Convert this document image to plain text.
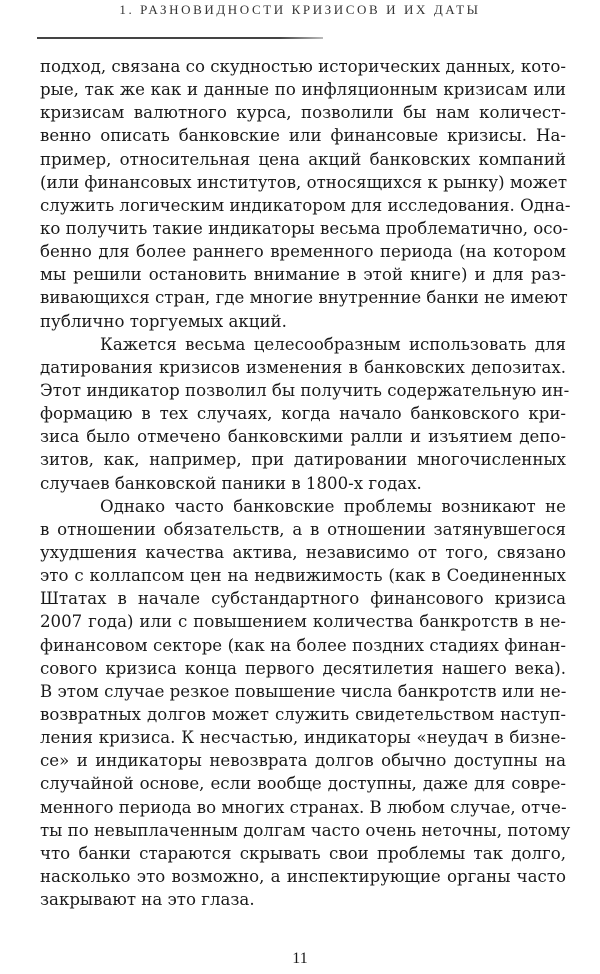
1. РАЗНОВИДНОСТИ КРИЗИСОВ И ИХ ДАТЫ
подход, связана со скудностью исторических данных, кото-
рые, так же как и данные по инфляционным кризисам или
кризисам валютного курса, позволили бы нам количест-
венно описать банковские или финансовые кризисы. На-
пример, относительная цена акций банковских компаний
(или финансовых институтов, относящихся к рынку) может
служить логическим индикатором для исследования. Одна-
ко получить такие индикаторы весьма проблематично, осо-
бенно для более раннего временного периода (на котором
мы решили остановить внимание в этой книге) и для раз-
вивающихся стран, где многие внутренние банки не имеют
публично торгуемых акций.
Кажется весьма целесообразным использовать для
датирования кризисов изменения в банковских депозитах.
Этот индикатор позволил бы получить содержательную ин-
формацию в тех случаях, когда начало банковского кри-
зиса было отмечено банковскими ралли и изъятием депо-
зитов, как, например, при датировании многочисленных
случаев банковской паники в 1800-х годах.
Однако часто банковские проблемы возникают не
в отношении обязательств, а в отношении затянувшегося
ухудшения качества актива, независимо от того, связано
это с коллапсом цен на недвижимость (как в Соединенных
Штатах в начале субстандартного финансового кризиса
2007 года) или с повышением количества банкротств в не-
финансовом секторе (как на более поздних стадиях финан-
сового кризиса конца первого десятилетия нашего века).
В этом случае резкое повышение числа банкротств или не-
возвратных долгов может служить свидетельством наступ-
ления кризиса. К несчастью, индикаторы «неудач в бизне-
се» и индикаторы невозврата долгов обычно доступны на
случайной основе, если вообще доступны, даже для совре-
менного периода во многих странах. В любом случае, отче-
ты по невыплаченным долгам часто очень неточны, потому
что банки стараются скрывать свои проблемы так долго,
насколько это возможно, а инспектирующие органы часто
закрывают на это глаза.
11
